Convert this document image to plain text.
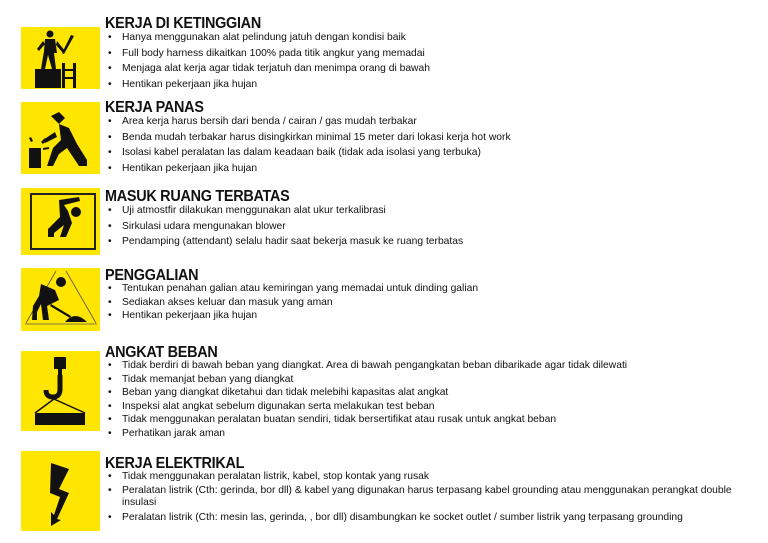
KERJA DI KETINGGIAN
• Hanya menggunakan alat pelindung jatuh dengan kondisi baik
• Full body harness dikaitkan 100% pada titik angkur yang memadai
• Menjaga alat kerja agar tidak terjatuh dan menimpa orang di bawah
• Hentikan pekerjaan jika hujan
KERJA PANAS
• Area kerja harus bersih dari benda / cairan / gas mudah terbakar
• Benda mudah terbakar harus disingkirkan minimal 15 meter dari lokasi kerja hot work
• Isolasi kabel peralatan las dalam keadaan baik (tidak ada isolasi yang terbuka)
• Hentikan pekerjaan jika hujan
MASUK RUANG TERBATAS
• Uji atmostfir dilakukan menggunakan alat ukur terkalibrasi
• Sirkulasi udara mengunakan blower
• Pendamping (attendant) selalu hadir saat bekerja masuk ke ruang terbatas
PENGGALIAN
• Tentukan penahan galian atau kemiringan yang memadai untuk dinding galian
• Sediakan akses keluar dan masuk yang aman
• Hentikan pekerjaan jika hujan
ANGKAT BEBAN
• Tidak berdiri di bawah beban yang diangkat. Area di bawah pengangkatan beban dibarikade agar tidak dilewati
• Tidak memanjat beban yang diangkat
• Beban yang diangkat diketahui dan tidak melebihi kapasitas alat angkat
• Inspeksi alat angkat sebelum digunakan serta melakukan test beban
• Tidak menggunakan peralatan buatan sendiri, tidak bersertifikat atau rusak untuk angkat beban
• Perhatikan jarak aman
KERJA ELEKTRIKAL
• Tidak menggunakan peralatan listrik, kabel, stop kontak yang rusak
• Peralatan listrik (Cth: gerinda, bor dll) & kabel yang digunakan harus terpasang kabel grounding atau menggunakan perangkat double insulasi
• Peralatan listrik (Cth: mesin las, gerinda, , bor dll) disambungkan ke socket outlet / sumber listrik yang terpasang grounding
